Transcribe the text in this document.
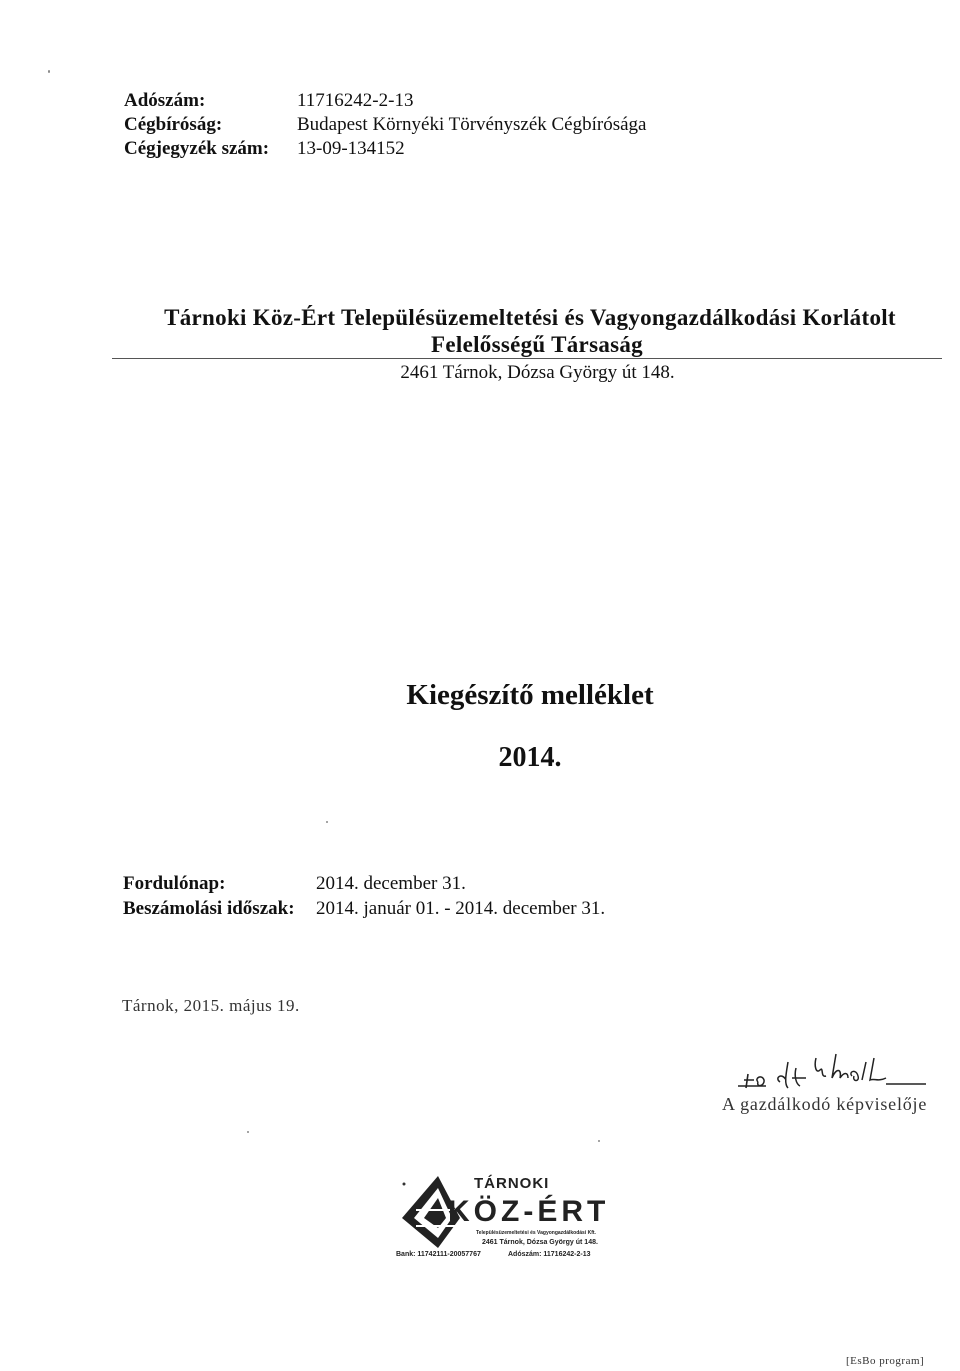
Adószám:	11716242-2-13
Cégbíróság:	Budapest Környéki Törvényszék Cégbírósága
Cégjegyzék szám: 13-09-134152
Tárnoki Köz-Ért Településüzemeltetési és Vagyongazdálkodási Korlátolt
Felelősségű Társaság
2461 Tárnok, Dózsa György út 148.
Kiegészítő melléklet
2014.
Fordulónap:	2014. december 31.
Beszámolási időszak: 2014. január 01. - 2014. december 31.
Tárnok, 2015. május 19.
A gazdálkodó képviselője
TÁRNOKI
KÖZ-ÉRT
Településüzemeltetési és Vagyongazdálkodási Kft.
2461 Tárnok, Dózsa György út 148.
Bank: 11742111-20057767	Adószám: 11716242-2-13
[EsBo program]
